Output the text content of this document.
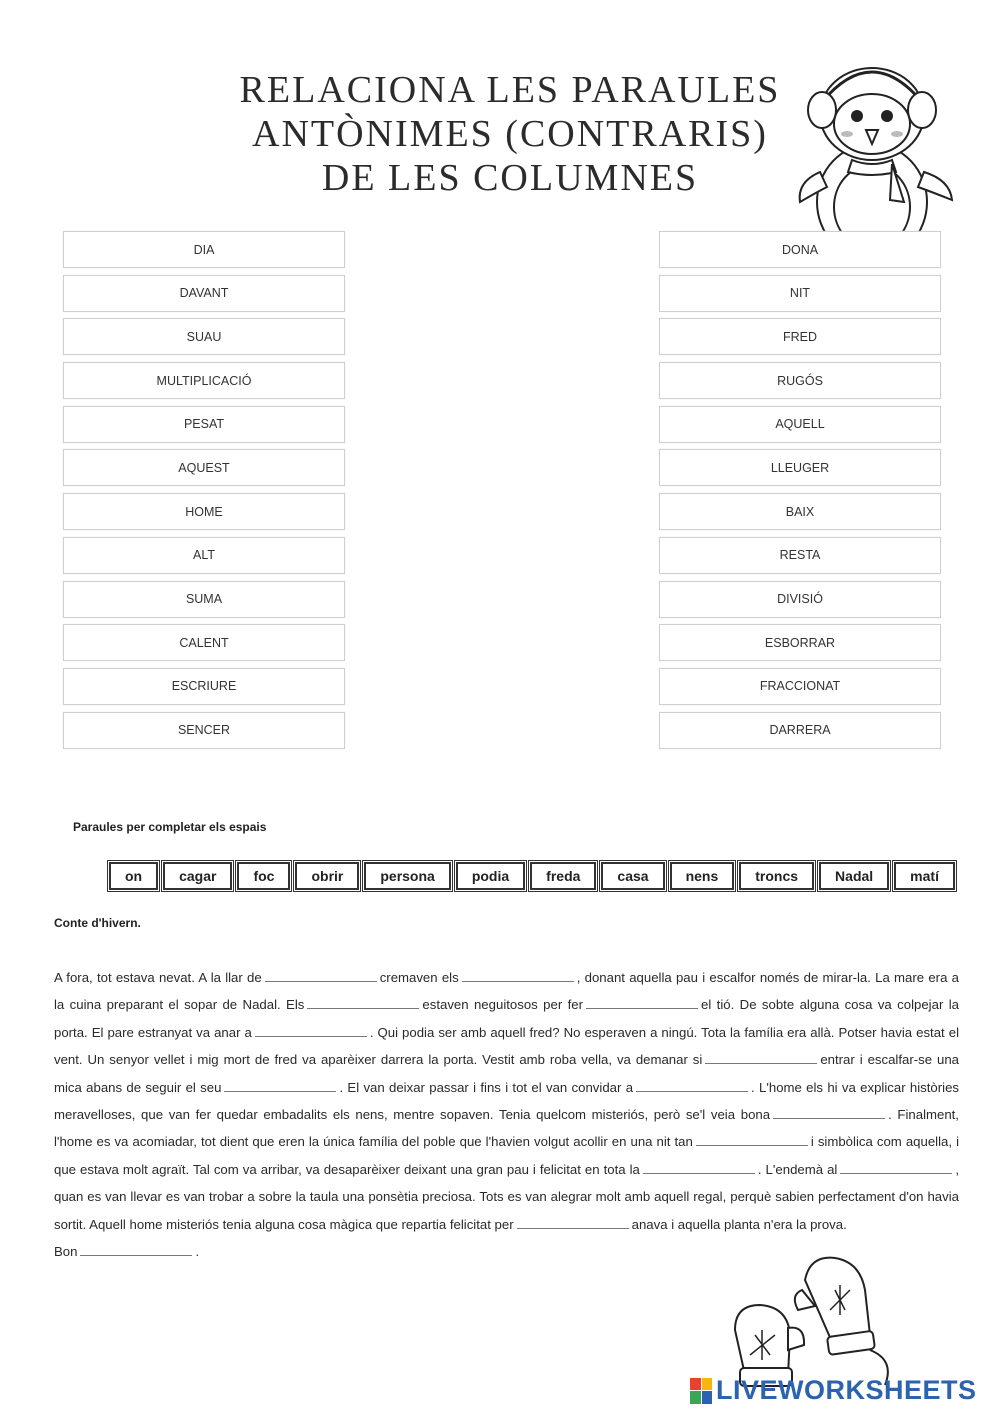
RELACIONA LES PARAULES
ANTÒNIMES (CONTRARIS)
DE LES COLUMNES
DIA
DAVANT
SUAU
MULTIPLICACIÓ
PESAT
AQUEST
HOME
ALT
SUMA
CALENT
ESCRIURE
SENCER
DONA
NIT
FRED
RUGÓS
AQUELL
LLEUGER
BAIX
RESTA
DIVISIÓ
ESBORRAR
FRACCIONAT
DARRERA
Paraules per completar els espais
on	cagar	foc	obrir	persona	podia	freda	casa	nens	troncs	Nadal	matí
Conte d'hivern.
A fora, tot estava nevat. A la llar de	cremaven els	, donant aquella pau i escalfor només de mirar-la. La mare era a la cuina preparant el sopar de Nadal. Els	estaven neguitosos per fer	el tió. De sobte alguna cosa va colpejar la porta. El pare estranyat va anar a	. Qui podia ser amb aquell fred? No esperaven a ningú. Tota la família era allà. Potser havia estat el vent. Un senyor vellet i mig mort de fred va aparèixer darrera la porta. Vestit amb roba vella, va demanar si	entrar i escalfar-se una mica abans de seguir el seu	. El van deixar passar i fins i tot el van convidar a	. L'home els hi va explicar històries meravelloses, que van fer quedar embadalits els nens, mentre sopaven. Tenia quelcom misteriós, però se'l veia bona	. Finalment, l'home es va acomiadar, tot dient que eren la única família del poble que l'havien volgut acollir en una nit tan	i simbòlica com aquella, i que estava molt agraït. Tal com va arribar, va desaparèixer deixant una gran pau i felicitat en tota la	. L'endemà al	, quan es van llevar es van trobar a sobre la taula una ponsètia preciosa. Tots es van alegrar molt amb aquell regal, perquè sabien perfectament d'on havia sortit. Aquell home misteriós tenia alguna cosa màgica que repartia felicitat per	anava i aquella planta n'era la prova.
Bon	.
LIVEWORKSHEETS
